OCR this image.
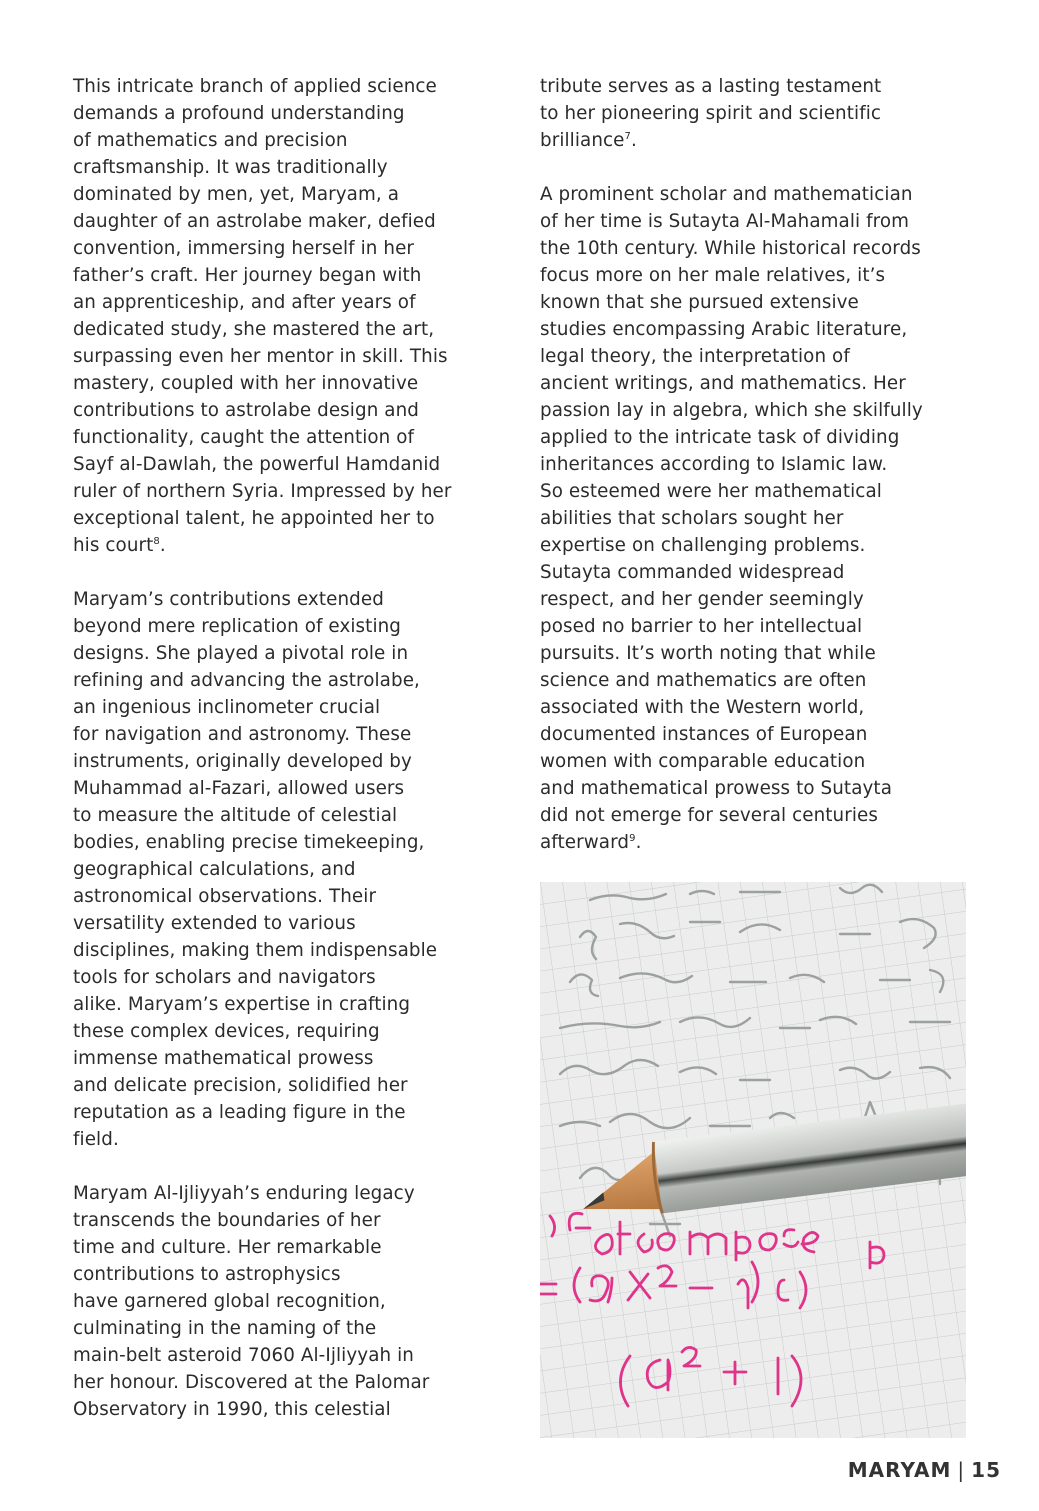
This intricate branch of applied science
demands a profound understanding
of mathematics and precision
craftsmanship. It was traditionally
dominated by men, yet, Maryam, a
daughter of an astrolabe maker, defied
convention, immersing herself in her
father’s craft. Her journey began with
an apprenticeship, and after years of
dedicated study, she mastered the art,
surpassing even her mentor in skill. This
mastery, coupled with her innovative
contributions to astrolabe design and
functionality, caught the attention of
Sayf al-Dawlah, the powerful Hamdanid
ruler of northern Syria. Impressed by her
exceptional talent, he appointed her to
his court$^8$.

Maryam’s contributions extended
beyond mere replication of existing
designs. She played a pivotal role in
refining and advancing the astrolabe,
an ingenious inclinometer crucial
for navigation and astronomy. These
instruments, originally developed by
Muhammad al-Fazari, allowed users
to measure the altitude of celestial
bodies, enabling precise timekeeping,
geographical calculations, and
astronomical observations. Their
versatility extended to various
disciplines, making them indispensable
tools for scholars and navigators
alike. Maryam’s expertise in crafting
these complex devices, requiring
immense mathematical prowess
and delicate precision, solidified her
reputation as a leading figure in the
field.

Maryam Al-Ijliyyah’s enduring legacy
transcends the boundaries of her
time and culture. Her remarkable
contributions to astrophysics
have garnered global recognition,
culminating in the naming of the
main-belt asteroid 7060 Al-Ijliyyah in
her honour. Discovered at the Palomar
Observatory in 1990, this celestial

tribute serves as a lasting testament
to her pioneering spirit and scientific
brilliance$^7$.

A prominent scholar and mathematician
of her time is Sutayta Al-Mahamali from
the 10th century. While historical records
focus more on her male relatives, it’s
known that she pursued extensive
studies encompassing Arabic literature,
legal theory, the interpretation of
ancient writings, and mathematics. Her
passion lay in algebra, which she skilfully
applied to the intricate task of dividing
inheritances according to Islamic law.
So esteemed were her mathematical
abilities that scholars sought her
expertise on challenging problems.
Sutayta commanded widespread
respect, and her gender seemingly
posed no barrier to her intellectual
pursuits. It’s worth noting that while
science and mathematics are often
associated with the Western world,
documented instances of European
women with comparable education
and mathematical prowess to Sutayta
did not emerge for several centuries
afterward$^9$.

MARYAM | 15
